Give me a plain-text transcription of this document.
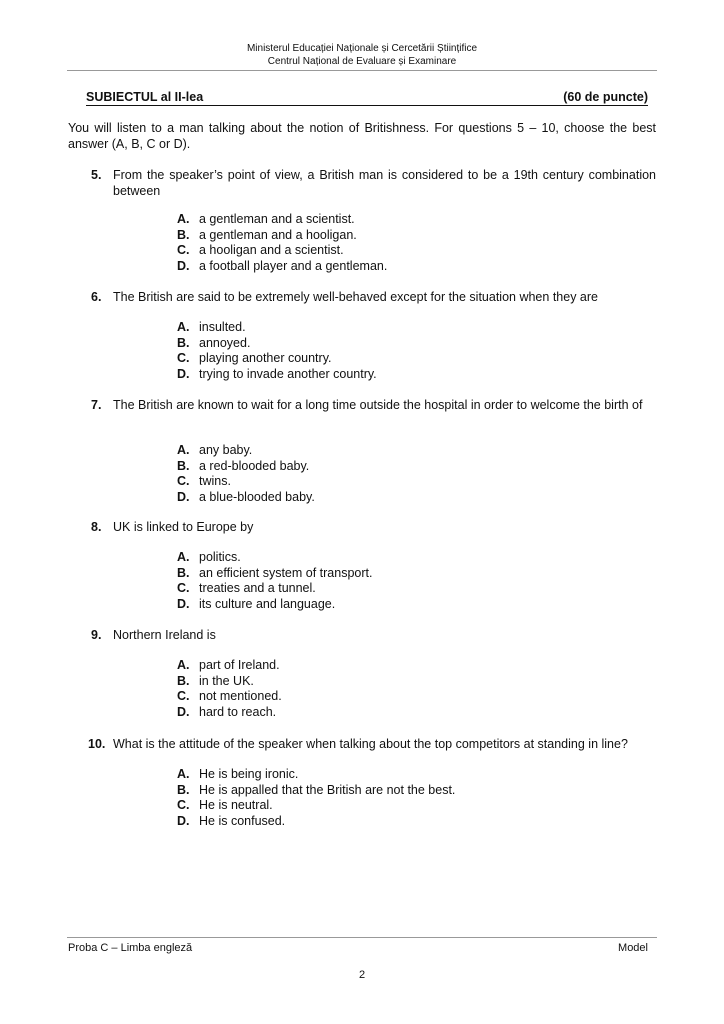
Ministerul Educației Naționale și Cercetării Științifice
Centrul Național de Evaluare și Examinare
SUBIECTUL al II-lea	(60 de puncte)
You will listen to a man talking about the notion of Britishness. For questions 5 – 10, choose the best answer (A, B, C or D).
5. From the speaker’s point of view, a British man is considered to be a 19th century combination between
A. a gentleman and a scientist.
B. a gentleman and a hooligan.
C. a hooligan and a scientist.
D. a football player and a gentleman.
6. The British are said to be extremely well-behaved except for the situation when they are
A. insulted.
B. annoyed.
C. playing another country.
D. trying to invade another country.
7. The British are known to wait for a long time outside the hospital in order to welcome the birth of
A. any baby.
B. a red-blooded baby.
C. twins.
D. a blue-blooded baby.
8. UK is linked to Europe by
A. politics.
B. an efficient system of transport.
C. treaties and a tunnel.
D. its culture and language.
9. Northern Ireland is
A. part of Ireland.
B. in the UK.
C. not mentioned.
D. hard to reach.
10. What is the attitude of the speaker when talking about the top competitors at standing in line?
A. He is being ironic.
B. He is appalled that the British are not the best.
C. He is neutral.
D. He is confused.
Proba C – Limba engleză	Model
2
